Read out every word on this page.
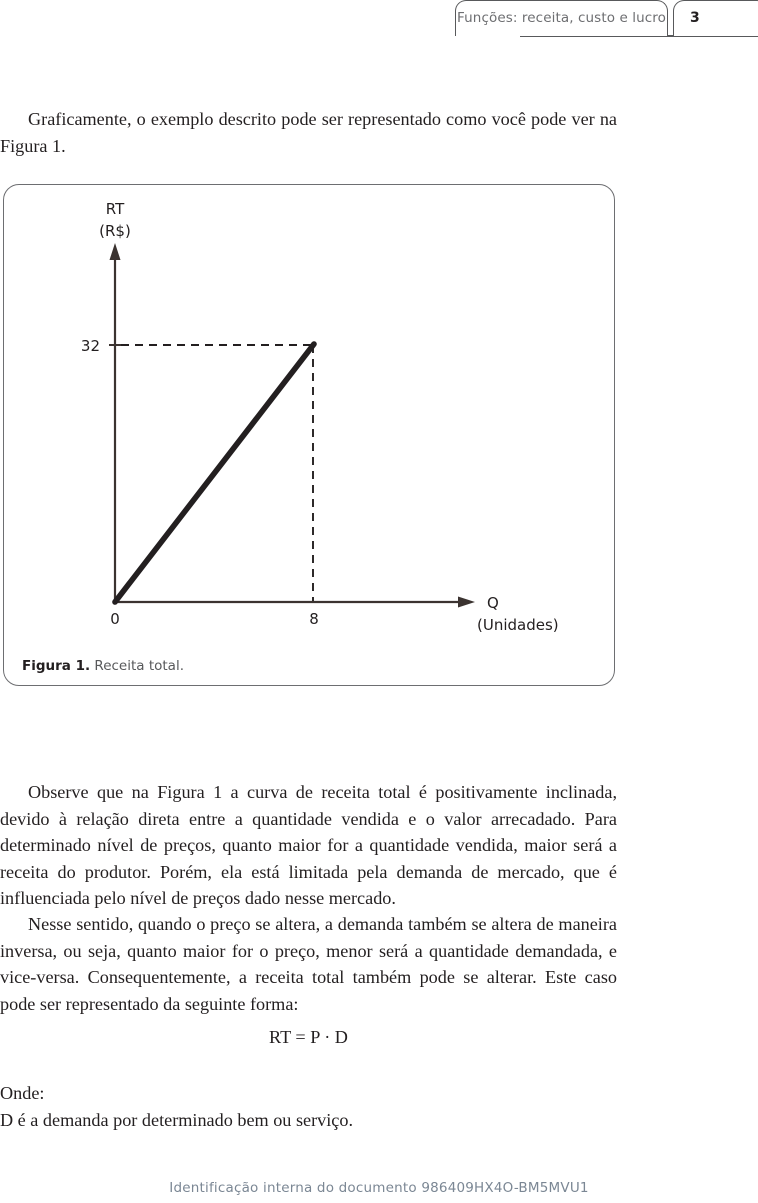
Funções: receita, custo e lucro 3

Graficamente, o exemplo descrito pode ser representado como você pode ver na Figura 1.

RT
(R$)
32
0	8
Q
(Unidades)
Figura 1. Receita total.

Observe que na Figura 1 a curva de receita total é positivamente inclinada, devido à relação direta entre a quantidade vendida e o valor arrecadado. Para determinado nível de preços, quanto maior for a quantidade vendida, maior será a receita do produtor. Porém, ela está limitada pela demanda de mercado, que é influenciada pelo nível de preços dado nesse mercado.

Nesse sentido, quando o preço se altera, a demanda também se altera de maneira inversa, ou seja, quanto maior for o preço, menor será a quantidade demandada, e vice-versa. Consequentemente, a receita total também pode se alterar. Este caso pode ser representado da seguinte forma:

RT = P · D
Onde:
D é a demanda por determinado bem ou serviço.
Identificação interna do documento 986409HX4O-BM5MVU1
